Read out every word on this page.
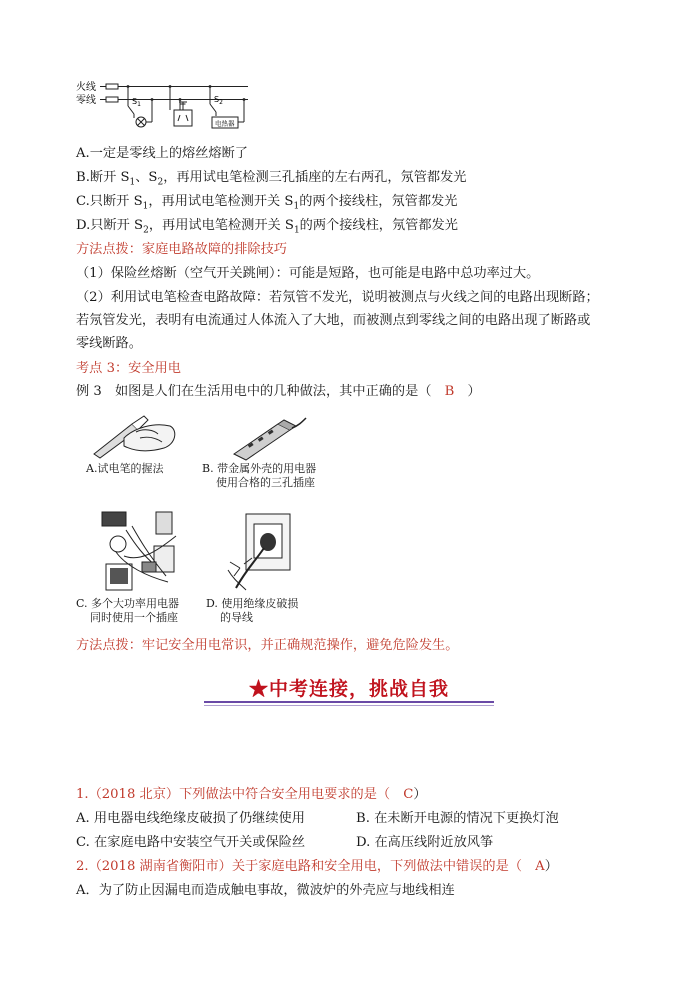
火线
零线	$S_1$
$S_2$
电热器
A.一定是零线上的熔丝熔断了
B.断开 $S_1$、$S_2$，再用试电笔检测三孔插座的左右两孔，氖管都发光
C.只断开 $S_1$，再用试电笔检测开关 $S_1$的两个接线柱，氖管都发光
D.只断开 $S_2$，再用试电笔检测开关 $S_1$的两个接线柱，氖管都发光
方法点拨：家庭电路故障的排除技巧
（1）保险丝熔断（空气开关跳闸）：可能是短路，也可能是电路中总功率过大。
（2）利用试电笔检查电路故障：若氖管不发光，说明被测点与火线之间的电路出现断路；
若氖管发光，表明有电流通过人体流入了大地，而被测点到零线之间的电路出现了断路或
零线断路。
考点 3：安全用电
例 3　如图是人们在生活用电中的几种做法，其中正确的是（　B　）
A.试电笔的握法	B. 带金属外壳的用电器
使用合格的三孔插座
C. 多个大功率用电器
同时使用一个插座
D. 使用绝缘皮破损
的导线
方法点拨：牢记安全用电常识，并正确规范操作，避免危险发生。
★中考连接，挑战自我
1.（2018 北京）下列做法中符合安全用电要求的是（　C）
A. 用电器电线绝缘皮破损了仍继续使用	B. 在未断开电源的情况下更换灯泡
C. 在家庭电路中安装空气开关或保险丝	D. 在高压线附近放风筝
2.（2018 湖南省衡阳市）关于家庭电路和安全用电，下列做法中错误的是（　A）
A．为了防止因漏电而造成触电事故，微波炉的外壳应与地线相连
